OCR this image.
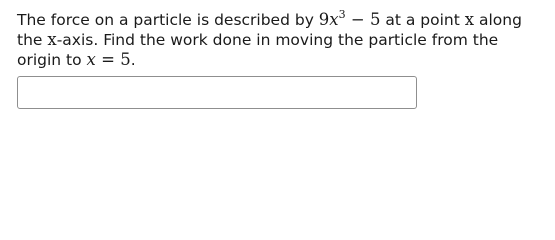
The force on a particle is described by $9x^3 - 5$ at a point x along
the x-axis. Find the work done in moving the particle from the
origin to x = 5.
